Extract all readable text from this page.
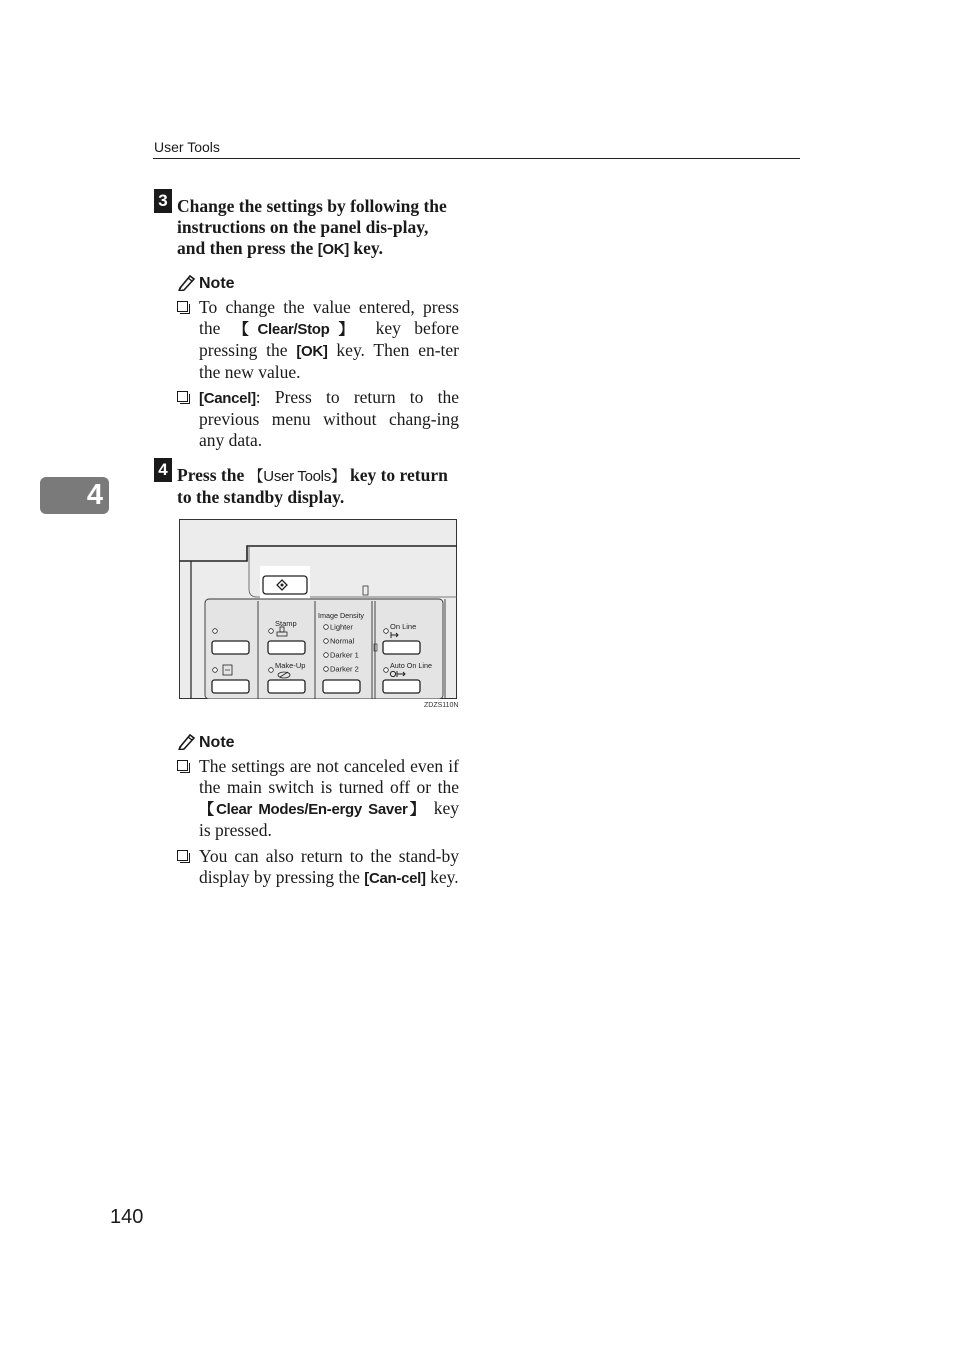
User Tools
4
3 Change the settings by following the instructions on the panel dis-play, and then press the [OK] key.
Note
To change the value entered, press the 【Clear/Stop】 key before pressing the [OK] key. Then en-ter the new value.
[Cancel]: Press to return to the previous menu without chang-ing any data.
4 Press the 【User Tools】 key to return to the standby display.
Stamp
Make-Up
Image Density
Lighter
Normal
Darker 1
Darker 2
On Line
Auto On Line
ZDZS110N
Note
The settings are not canceled even if the main switch is turned off or the 【Clear Modes/En-ergy Saver】 key is pressed.
You can also return to the stand-by display by pressing the [Can-cel] key.
140
